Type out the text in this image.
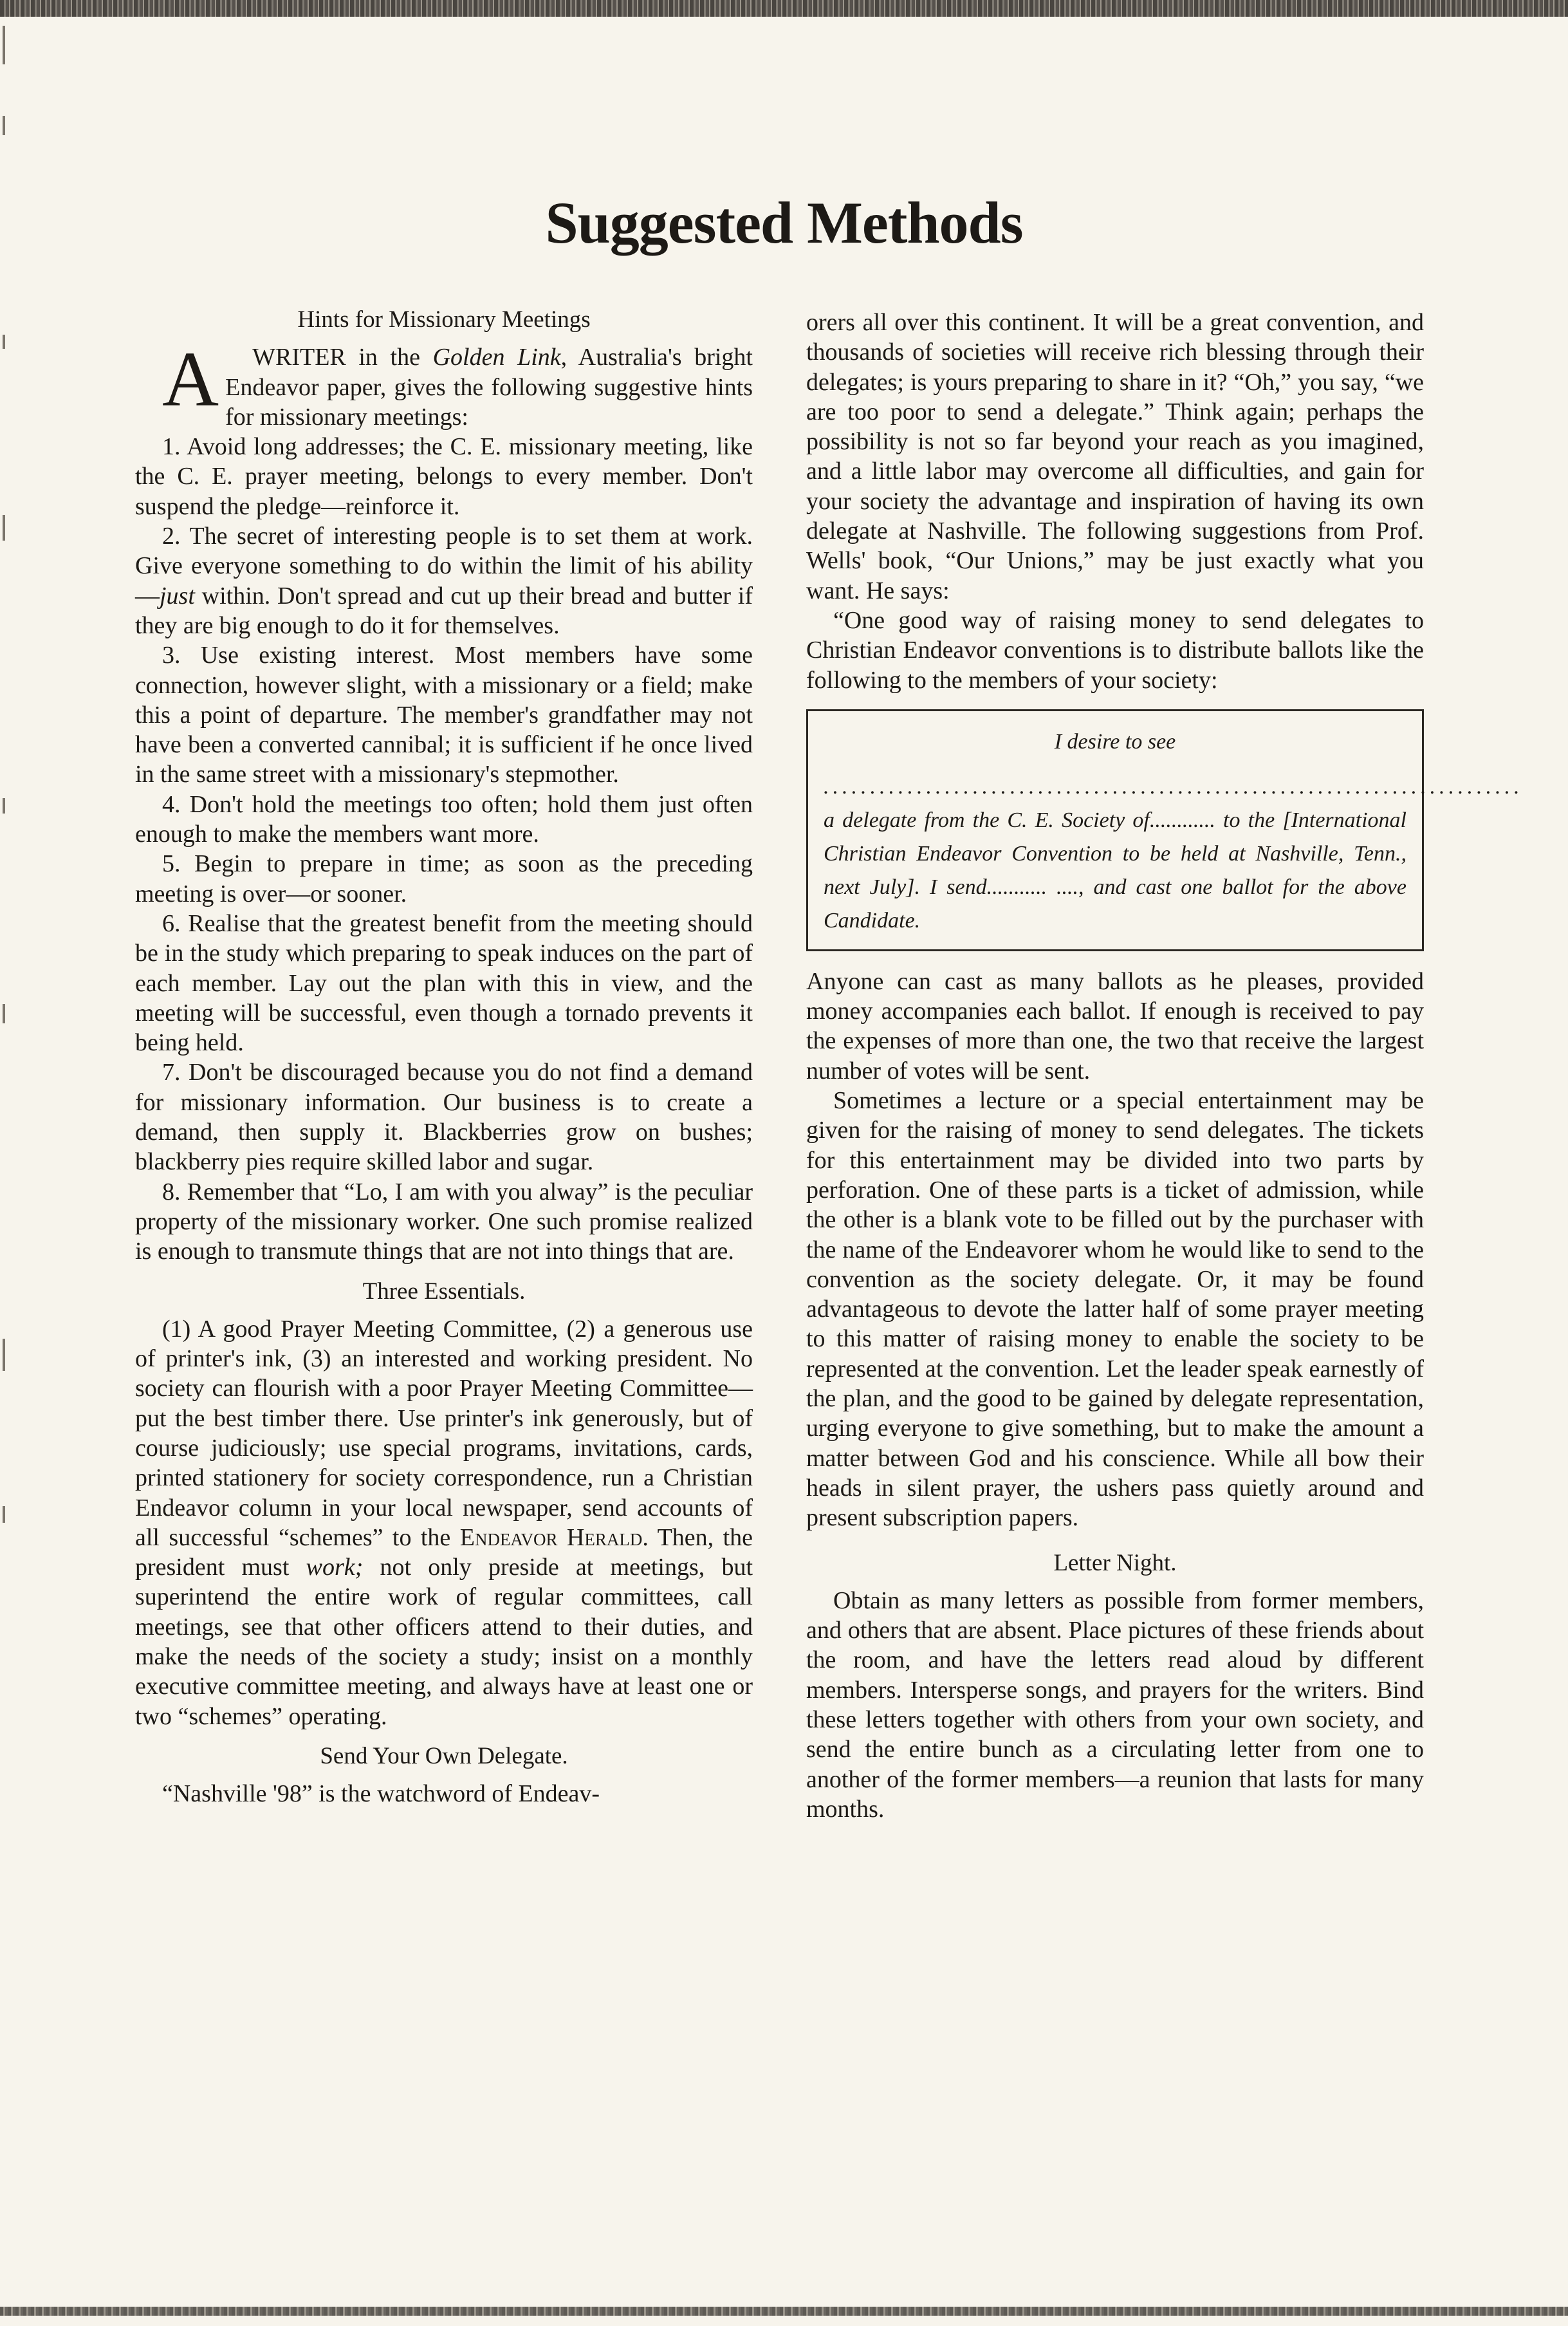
Suggested Methods
Hints for Missionary Meetings

A WRITER in the Golden Link, Australia's bright Endeavor paper, gives the following suggestive hints for missionary meetings:

1. Avoid long addresses; the C. E. missionary meeting, like the C. E. prayer meeting, belongs to every member. Don't suspend the pledge—reinforce it.

2. The secret of interesting people is to set them at work. Give everyone something to do within the limit of his ability—just within. Don't spread and cut up their bread and butter if they are big enough to do it for themselves.

3. Use existing interest. Most members have some connection, however slight, with a missionary or a field; make this a point of departure. The member's grandfather may not have been a converted cannibal; it is sufficient if he once lived in the same street with a missionary's stepmother.

4. Don't hold the meetings too often; hold them just often enough to make the members want more.

5. Begin to prepare in time; as soon as the preceding meeting is over—or sooner.

6. Realise that the greatest benefit from the meeting should be in the study which preparing to speak induces on the part of each member. Lay out the plan with this in view, and the meeting will be successful, even though a tornado prevents it being held.

7. Don't be discouraged because you do not find a demand for missionary information. Our business is to create a demand, then supply it. Blackberries grow on bushes; blackberry pies require skilled labor and sugar.

8. Remember that “Lo, I am with you alway” is the peculiar property of the missionary worker. One such promise realized is enough to transmute things that are not into things that are.

Three Essentials.

(1) A good Prayer Meeting Committee, (2) a generous use of printer's ink, (3) an interested and working president. No society can flourish with a poor Prayer Meeting Committee—put the best timber there. Use printer's ink generously, but of course judiciously; use special programs, invitations, cards, printed stationery for society correspondence, run a Christian Endeavor column in your local newspaper, send accounts of all successful “schemes” to the Endeavor Herald. Then, the president must work; not only preside at meetings, but superintend the entire work of regular committees, call meetings, see that other officers attend to their duties, and make the needs of the society a study; insist on a monthly executive committee meeting, and always have at least one or two “schemes” operating.

Send Your Own Delegate.

“Nashville '98” is the watchword of Endeav-

orers all over this continent. It will be a great convention, and thousands of societies will receive rich blessing through their delegates; is yours preparing to share in it? “Oh,” you say, “we are too poor to send a delegate.” Think again; perhaps the possibility is not so far beyond your reach as you imagined, and a little labor may overcome all difficulties, and gain for your society the advantage and inspiration of having its own delegate at Nashville. The following suggestions from Prof. Wells' book, “Our Unions,” may be just exactly what you want. He says:

“One good way of raising money to send delegates to Christian Endeavor conventions is to distribute ballots like the following to the members of your society:

I desire to see
...........................................................................
a delegate from the C. E. Society of............ to the [International Christian Endeavor Convention to be held at Nashville, Tenn., next July]. I send........... ...., and cast one ballot for the above Candidate.

Anyone can cast as many ballots as he pleases, provided money accompanies each ballot. If enough is received to pay the expenses of more than one, the two that receive the largest number of votes will be sent.

Sometimes a lecture or a special entertainment may be given for the raising of money to send delegates. The tickets for this entertainment may be divided into two parts by perforation. One of these parts is a ticket of admission, while the other is a blank vote to be filled out by the purchaser with the name of the Endeavorer whom he would like to send to the convention as the society delegate. Or, it may be found advantageous to devote the latter half of some prayer meeting to this matter of raising money to enable the society to be represented at the convention. Let the leader speak earnestly of the plan, and the good to be gained by delegate representation, urging everyone to give something, but to make the amount a matter between God and his conscience. While all bow their heads in silent prayer, the ushers pass quietly around and present subscription papers.

Letter Night.

Obtain as many letters as possible from former members, and others that are absent. Place pictures of these friends about the room, and have the letters read aloud by different members. Intersperse songs, and prayers for the writers. Bind these letters together with others from your own society, and send the entire bunch as a circulating letter from one to another of the former members—a reunion that lasts for many months.
